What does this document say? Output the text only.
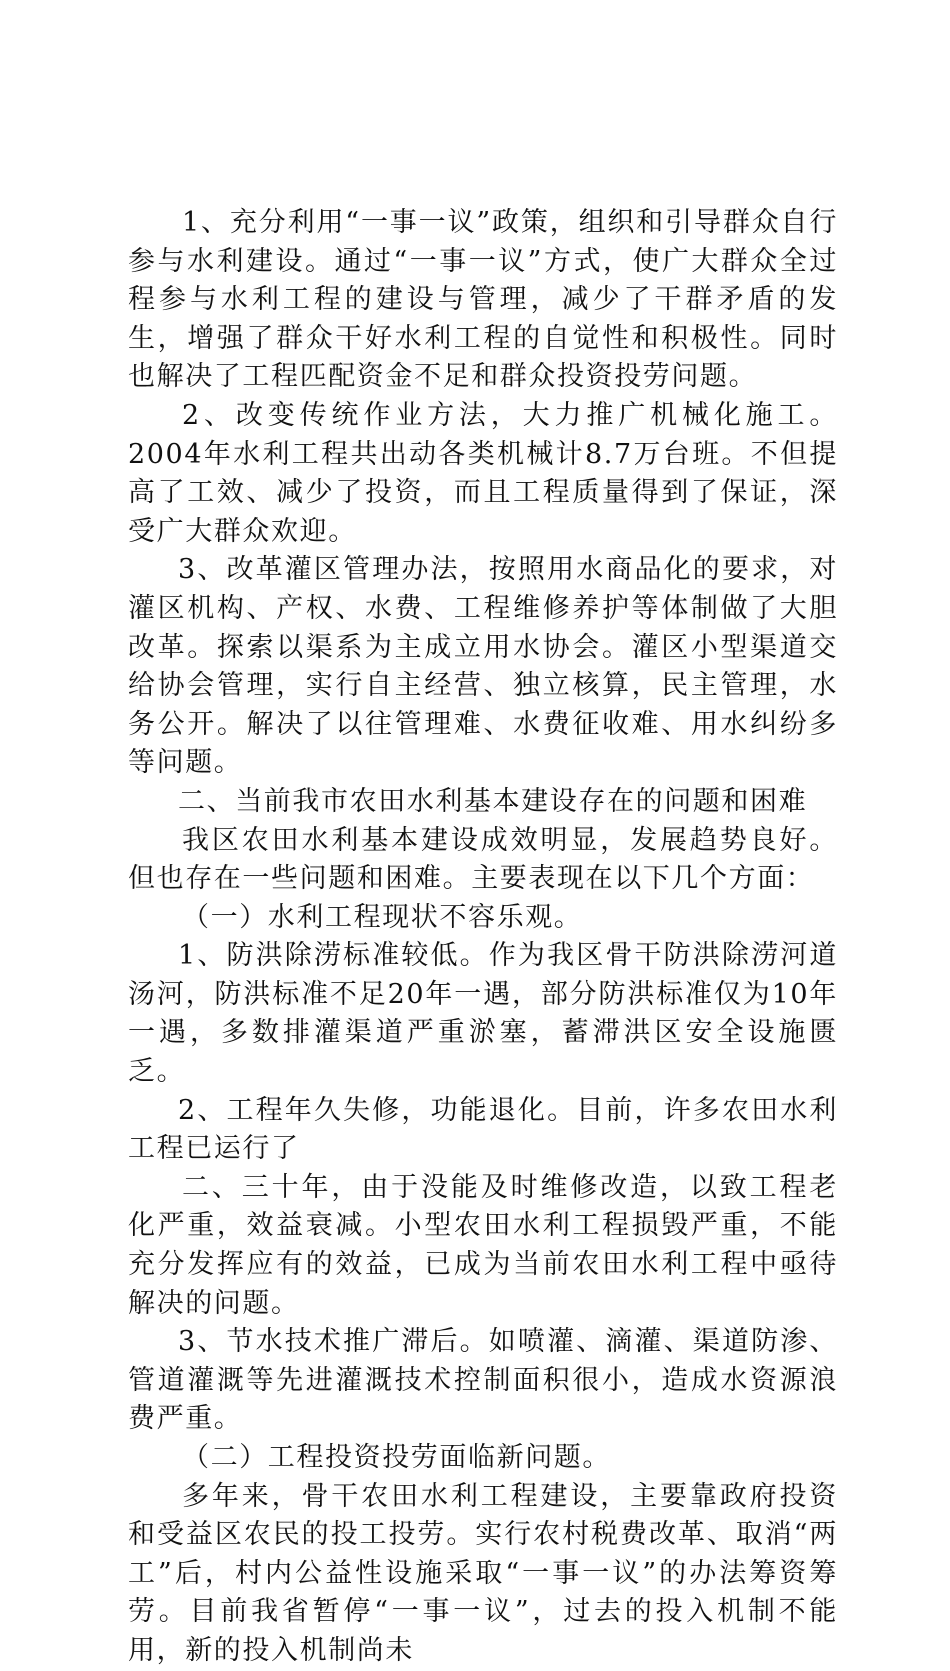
1、充分利用“一事一议”政策，组织和引导群众自行参与水利建设。通过“一事一议”方式，使广大群众全过程参与水利工程的建设与管理，减少了干群矛盾的发生，增强了群众干好水利工程的自觉性和积极性。同时也解决了工程匹配资金不足和群众投资投劳问题。

2、改变传统作业方法，大力推广机械化施工。2004年水利工程共出动各类机械计8.7万台班。不但提高了工效、减少了投资，而且工程质量得到了保证，深受广大群众欢迎。

3、改革灌区管理办法，按照用水商品化的要求，对灌区机构、产权、水费、工程维修养护等体制做了大胆改革。探索以渠系为主成立用水协会。灌区小型渠道交给协会管理，实行自主经营、独立核算，民主管理，水务公开。解决了以往管理难、水费征收难、用水纠纷多等问题。

二、当前我市农田水利基本建设存在的问题和困难

我区农田水利基本建设成效明显，发展趋势良好。但也存在一些问题和困难。主要表现在以下几个方面：

（一）水利工程现状不容乐观。

1、防洪除涝标准较低。作为我区骨干防洪除涝河道汤河，防洪标准不足20年一遇，部分防洪标准仅为10年一遇，多数排灌渠道严重淤塞，蓄滞洪区安全设施匮乏。

2、工程年久失修，功能退化。目前，许多农田水利工程已运行了

二、三十年，由于没能及时维修改造，以致工程老化严重，效益衰减。小型农田水利工程损毁严重，不能充分发挥应有的效益，已成为当前农田水利工程中亟待解决的问题。

3、节水技术推广滞后。如喷灌、滴灌、渠道防渗、管道灌溉等先进灌溉技术控制面积很小，造成水资源浪费严重。

（二）工程投资投劳面临新问题。

多年来，骨干农田水利工程建设，主要靠政府投资和受益区农民的投工投劳。实行农村税费改革、取消“两工”后，村内公益性设施采取“一事一议”的办法筹资筹劳。目前我省暂停“一事一议”，过去的投入机制不能用，新的投入机制尚未
